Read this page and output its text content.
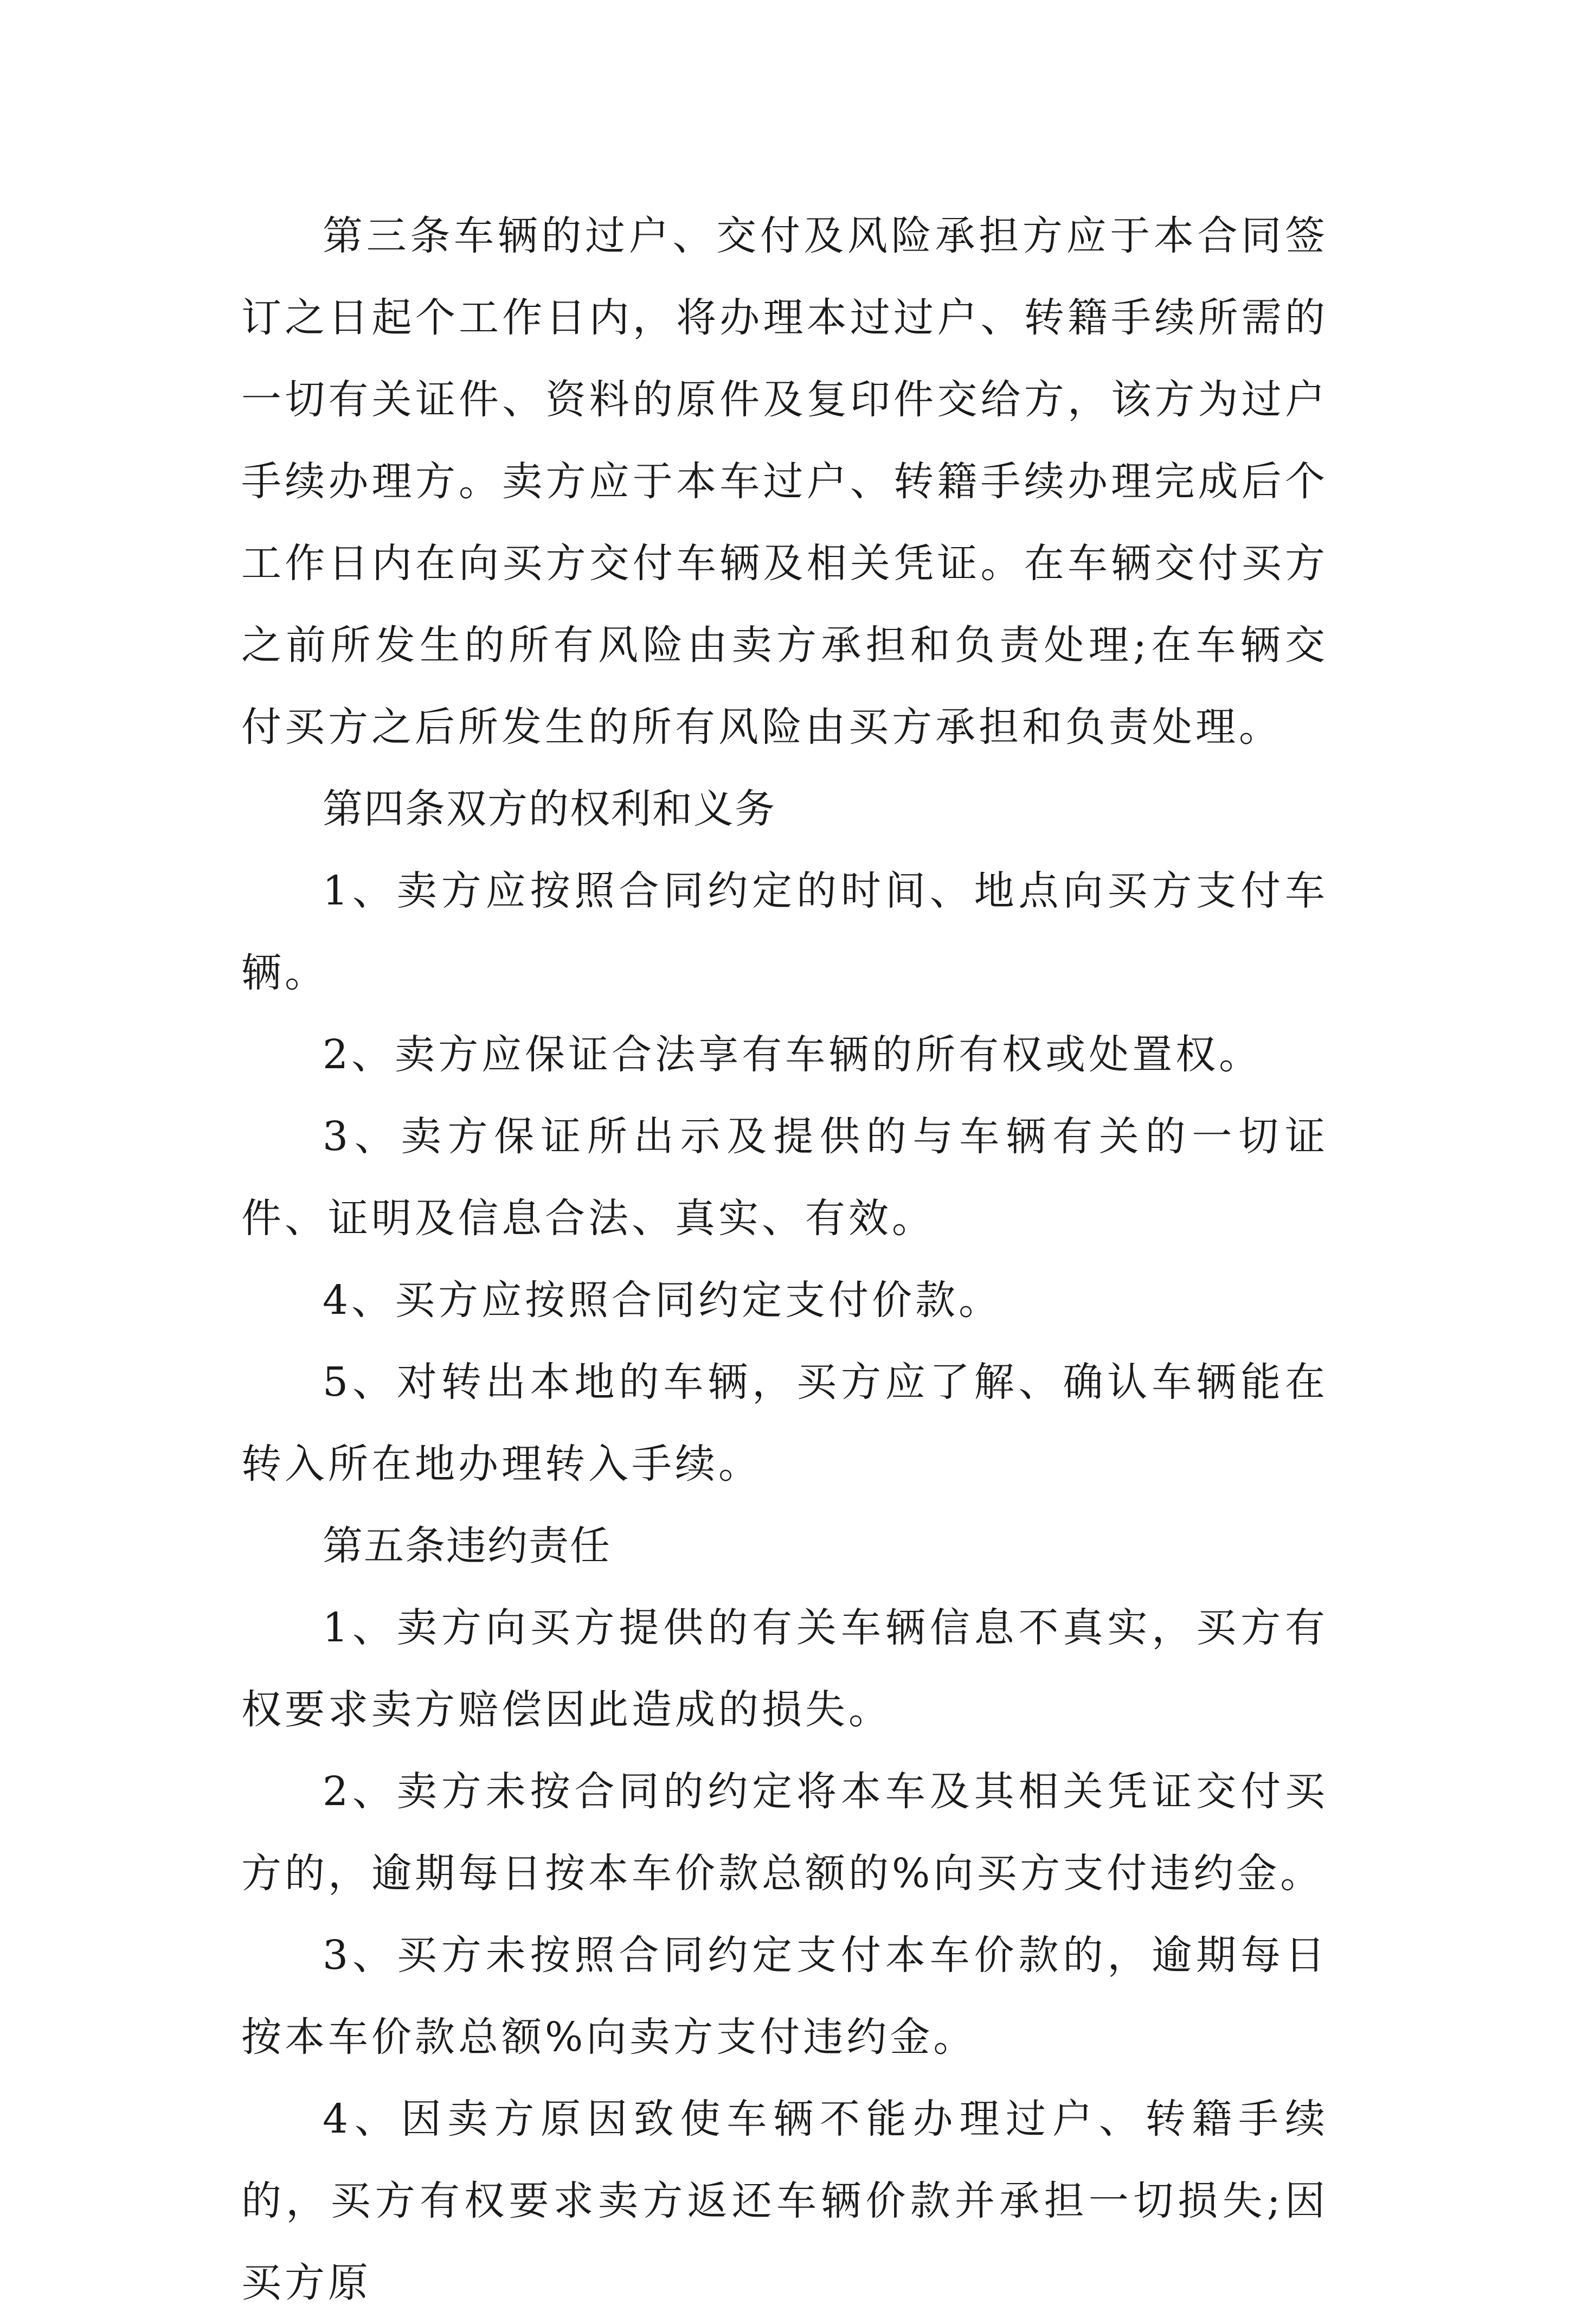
第三条车辆的过户、交付及风险承担方应于本合同签订之日起个工作日内，将办理本过过户、转籍手续所需的一切有关证件、资料的原件及复印件交给方，该方为过户手续办理方。卖方应于本车过户、转籍手续办理完成后个工作日内在向买方交付车辆及相关凭证。在车辆交付买方之前所发生的所有风险由卖方承担和负责处理;在车辆交付买方之后所发生的所有风险由买方承担和负责处理。

第四条双方的权利和义务

1、卖方应按照合同约定的时间、地点向买方支付车辆。

2、卖方应保证合法享有车辆的所有权或处置权。

3、卖方保证所出示及提供的与车辆有关的一切证件、证明及信息合法、真实、有效。

4、买方应按照合同约定支付价款。

5、对转出本地的车辆，买方应了解、确认车辆能在转入所在地办理转入手续。

第五条违约责任

1、卖方向买方提供的有关车辆信息不真实，买方有权要求卖方赔偿因此造成的损失。

2、卖方未按合同的约定将本车及其相关凭证交付买方的，逾期每日按本车价款总额的%向买方支付违约金。

3、买方未按照合同约定支付本车价款的，逾期每日按本车价款总额%向卖方支付违约金。

4、因卖方原因致使车辆不能办理过户、转籍手续的，买方有权要求卖方返还车辆价款并承担一切损失;因买方原
